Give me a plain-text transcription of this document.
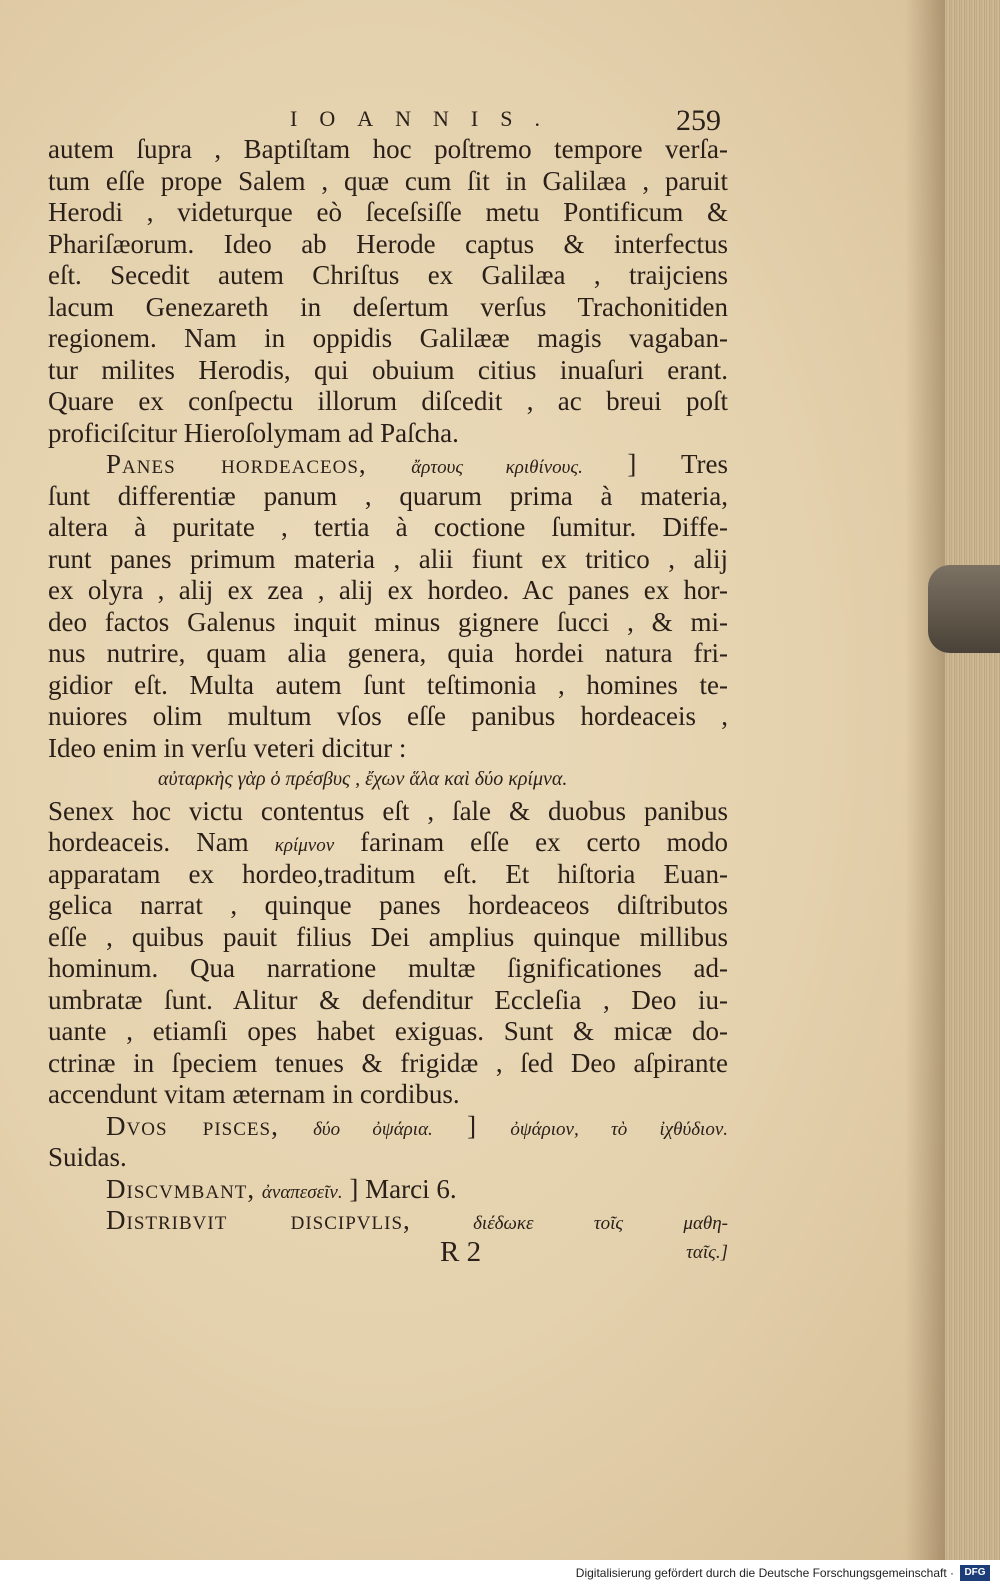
IOANNIS.	259
autem ſupra , Baptiſtam hoc poſtremo tempore verſa-
tum eſſe prope Salem , quæ cum ſit in Galilæa , paruit
Herodi , videturque eò ſeceſsiſſe metu Pontificum &
Phariſæorum. Ideo ab Herode captus & interfectus
eſt. Secedit autem Chriſtus ex Galilæa , traijciens
lacum Genezareth in deſertum verſus Trachonitiden
regionem. Nam in oppidis Galilææ magis vagaban-
tur milites Herodis, qui obuium citius inuaſuri erant.
Quare ex conſpectu illorum diſcedit , ac breui poſt
proficiſcitur Hieroſolymam ad Paſcha.
Panes hordeaceos, ἄρτους κριθίνους. ] Tres
ſunt differentiæ panum , quarum prima à materia,
altera à puritate , tertia à coctione ſumitur. Diffe-
runt panes primum materia , alii fiunt ex tritico , alij
ex olyra , alij ex zea , alij ex hordeo. Ac panes ex hor-
deo factos Galenus inquit minus gignere ſucci , & mi-
nus nutrire, quam alia genera, quia hordei natura fri-
gidior eſt. Multa autem ſunt teſtimonia , homines te-
nuiores olim multum vſos eſſe panibus hordeaceis ,
Ideo enim in verſu veteri dicitur :
αὐταρκὴς γὰρ ὁ πρέσβυς , ἔχων ἅλα καὶ δύο κρίμνα.
Senex hoc victu contentus eſt , ſale & duobus panibus
hordeaceis. Nam κρίμνον farinam eſſe ex certo modo
apparatam ex hordeo,traditum eſt. Et hiſtoria Euan-
gelica narrat , quinque panes hordeaceos diſtributos
eſſe , quibus pauit filius Dei amplius quinque millibus
hominum. Qua narratione multæ ſignificationes ad-
umbratæ ſunt. Alitur & defenditur Eccleſia , Deo iu-
uante , etiamſi opes habet exiguas. Sunt & micæ do-
ctrinæ in ſpeciem tenues & frigidæ , ſed Deo aſpirante
accendunt vitam æternam in cordibus.
Dvos pisces, δύο ὀψάρια. ] ὀψάριον, τὸ ἰχθύδιον.
Suidas.
Discvmbant, ἀναπεσεῖν. ] Marci 6.
Distribvit discipvlis,	διέδωκε τοῖς μαθη-
R 2	ταῖς.]
Digitalisierung gefördert durch die Deutsche Forschungsgemeinschaft ·	DFG
